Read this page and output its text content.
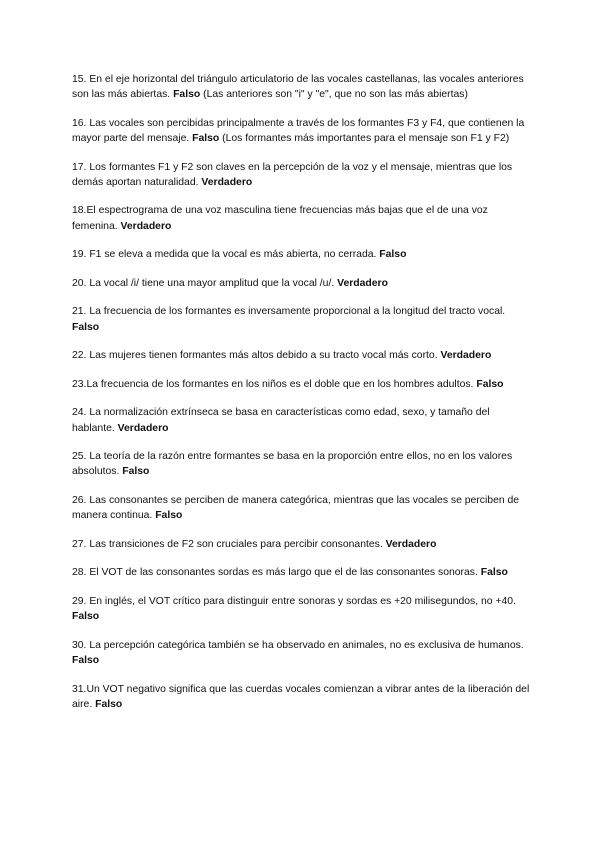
15. En el eje horizontal del triángulo articulatorio de las vocales castellanas, las vocales anteriores son las más abiertas. Falso (Las anteriores son "i" y "e", que no son las más abiertas)

16. Las vocales son percibidas principalmente a través de los formantes F3 y F4, que contienen la mayor parte del mensaje. Falso (Los formantes más importantes para el mensaje son F1 y F2)

17. Los formantes F1 y F2 son claves en la percepción de la voz y el mensaje, mientras que los demás aportan naturalidad. Verdadero

18.El espectrograma de una voz masculina tiene frecuencias más bajas que el de una voz femenina. Verdadero

19. F1 se eleva a medida que la vocal es más abierta, no cerrada. Falso

20. La vocal /i/ tiene una mayor amplitud que la vocal /u/. Verdadero

21. La frecuencia de los formantes es inversamente proporcional a la longitud del tracto vocal. Falso

22. Las mujeres tienen formantes más altos debido a su tracto vocal más corto. Verdadero

23.La frecuencia de los formantes en los niños es el doble que en los hombres adultos. Falso

24. La normalización extrínseca se basa en características como edad, sexo, y tamaño del hablante. Verdadero

25. La teoría de la razón entre formantes se basa en la proporción entre ellos, no en los valores absolutos. Falso

26. Las consonantes se perciben de manera categórica, mientras que las vocales se perciben de manera continua. Falso

27. Las transiciones de F2 son cruciales para percibir consonantes. Verdadero

28. El VOT de las consonantes sordas es más largo que el de las consonantes sonoras. Falso

29. En inglés, el VOT crítico para distinguir entre sonoras y sordas es +20 milisegundos, no +40. Falso

30. La percepción categórica también se ha observado en animales, no es exclusiva de humanos. Falso

31.Un VOT negativo significa que las cuerdas vocales comienzan a vibrar antes de la liberación del aire. Falso
